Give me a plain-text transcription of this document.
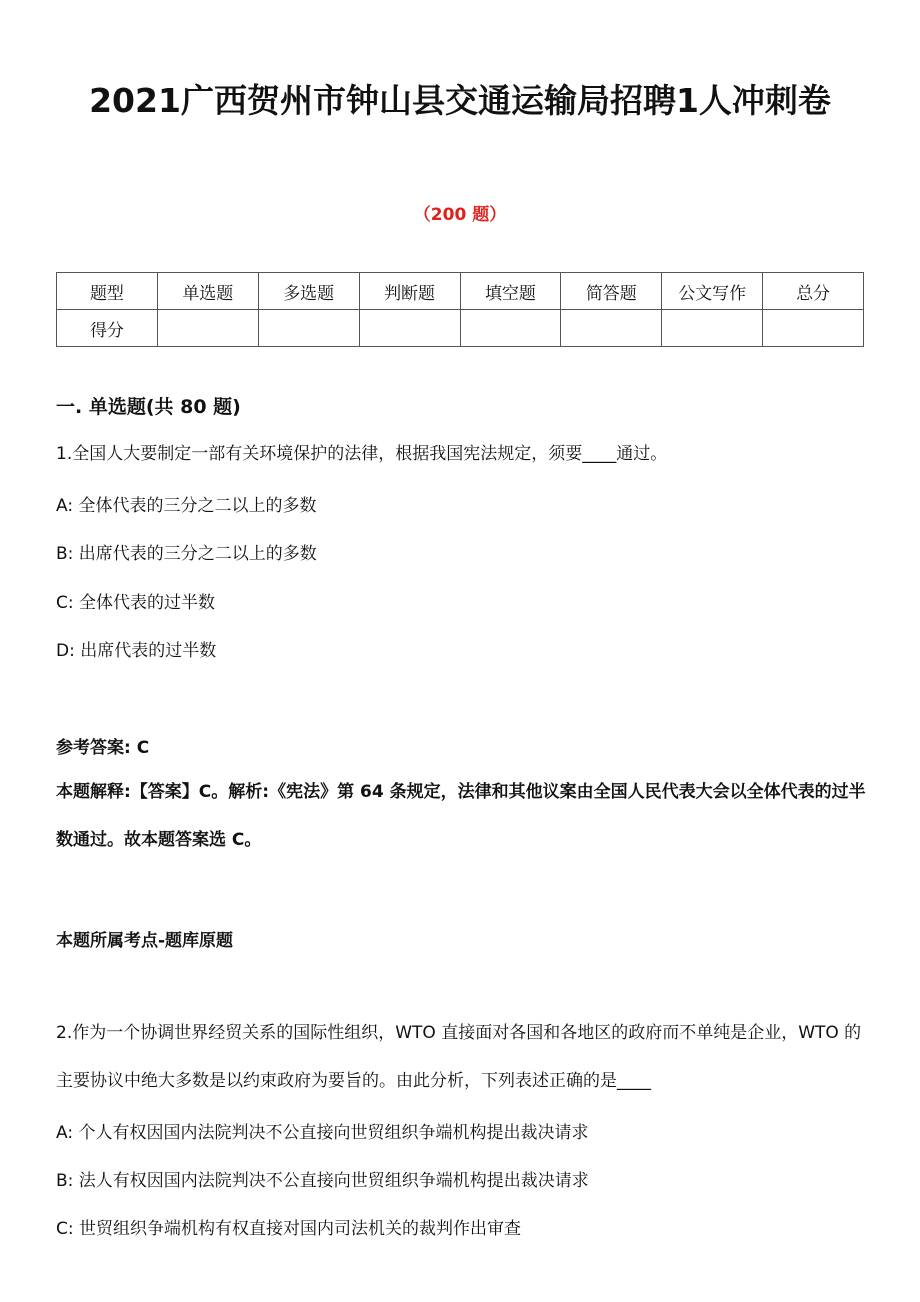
2021广西贺州市钟山县交通运输局招聘1人冲刺卷
（200 题）
题型	单选题	多选题	判断题	填空题	简答题	公文写作	总分
得分							
一. 单选题(共 80 题)

1.全国人大要制定一部有关环境保护的法律，根据我国宪法规定，须要____通过。

A: 全体代表的三分之二以上的多数

B: 出席代表的三分之二以上的多数

C: 全体代表的过半数

D: 出席代表的过半数

参考答案: C

本题解释:【答案】C。解析:《宪法》第 64 条规定，法律和其他议案由全国人民代表大会以全体代表的过半数通过。故本题答案选 C。

本题所属考点-题库原题

2.作为一个协调世界经贸关系的国际性组织，WTO 直接面对各国和各地区的政府而不单纯是企业，WTO 的主要协议中绝大多数是以约束政府为要旨的。由此分析，下列表述正确的是____

A: 个人有权因国内法院判决不公直接向世贸组织争端机构提出裁决请求

B: 法人有权因国内法院判决不公直接向世贸组织争端机构提出裁决请求

C: 世贸组织争端机构有权直接对国内司法机关的裁判作出审查
